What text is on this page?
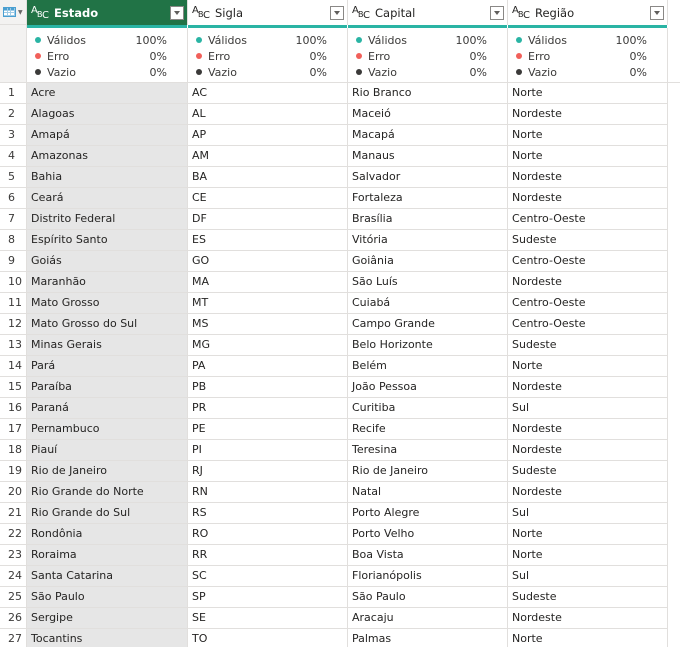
▼ A B C Estado	A B C Sigla	A B C Capital	A B C Região
Válidos	100%
Erro	0%
Vazio	0%
Válidos	100%
Erro	0%
Vazio	0%
Válidos	100%
Erro	0%
Vazio	0%
Válidos	100%
Erro	0%
Vazio	0%
1	Acre	AC	Rio Branco	Norte
2	Alagoas	AL	Maceió	Nordeste
3	Amapá	AP	Macapá	Norte
4	Amazonas	AM	Manaus	Norte
5	Bahia	BA	Salvador	Nordeste
6	Ceará	CE	Fortaleza	Nordeste
7	Distrito Federal	DF	Brasília	Centro-Oeste
8	Espírito Santo	ES	Vitória	Sudeste
9	Goiás	GO	Goiânia	Centro-Oeste
10 Maranhão	MA	São Luís	Nordeste
11 Mato Grosso	MT	Cuiabá	Centro-Oeste
12 Mato Grosso do Sul	MS	Campo Grande	Centro-Oeste
13 Minas Gerais	MG	Belo Horizonte	Sudeste
14 Pará	PA	Belém	Norte
15 Paraíba	PB	João Pessoa	Nordeste
16 Paraná	PR	Curitiba	Sul
17 Pernambuco	PE	Recife	Nordeste
18 Piauí	PI	Teresina	Nordeste
19 Rio de Janeiro	RJ	Rio de Janeiro	Sudeste
20 Rio Grande do Norte	RN	Natal	Nordeste
21 Rio Grande do Sul	RS	Porto Alegre	Sul
22 Rondônia	RO	Porto Velho	Norte
23 Roraima	RR	Boa Vista	Norte
24 Santa Catarina	SC	Florianópolis	Sul
25 São Paulo	SP	São Paulo	Sudeste
26 Sergipe	SE	Aracaju	Nordeste
27 Tocantins	TO	Palmas	Norte
